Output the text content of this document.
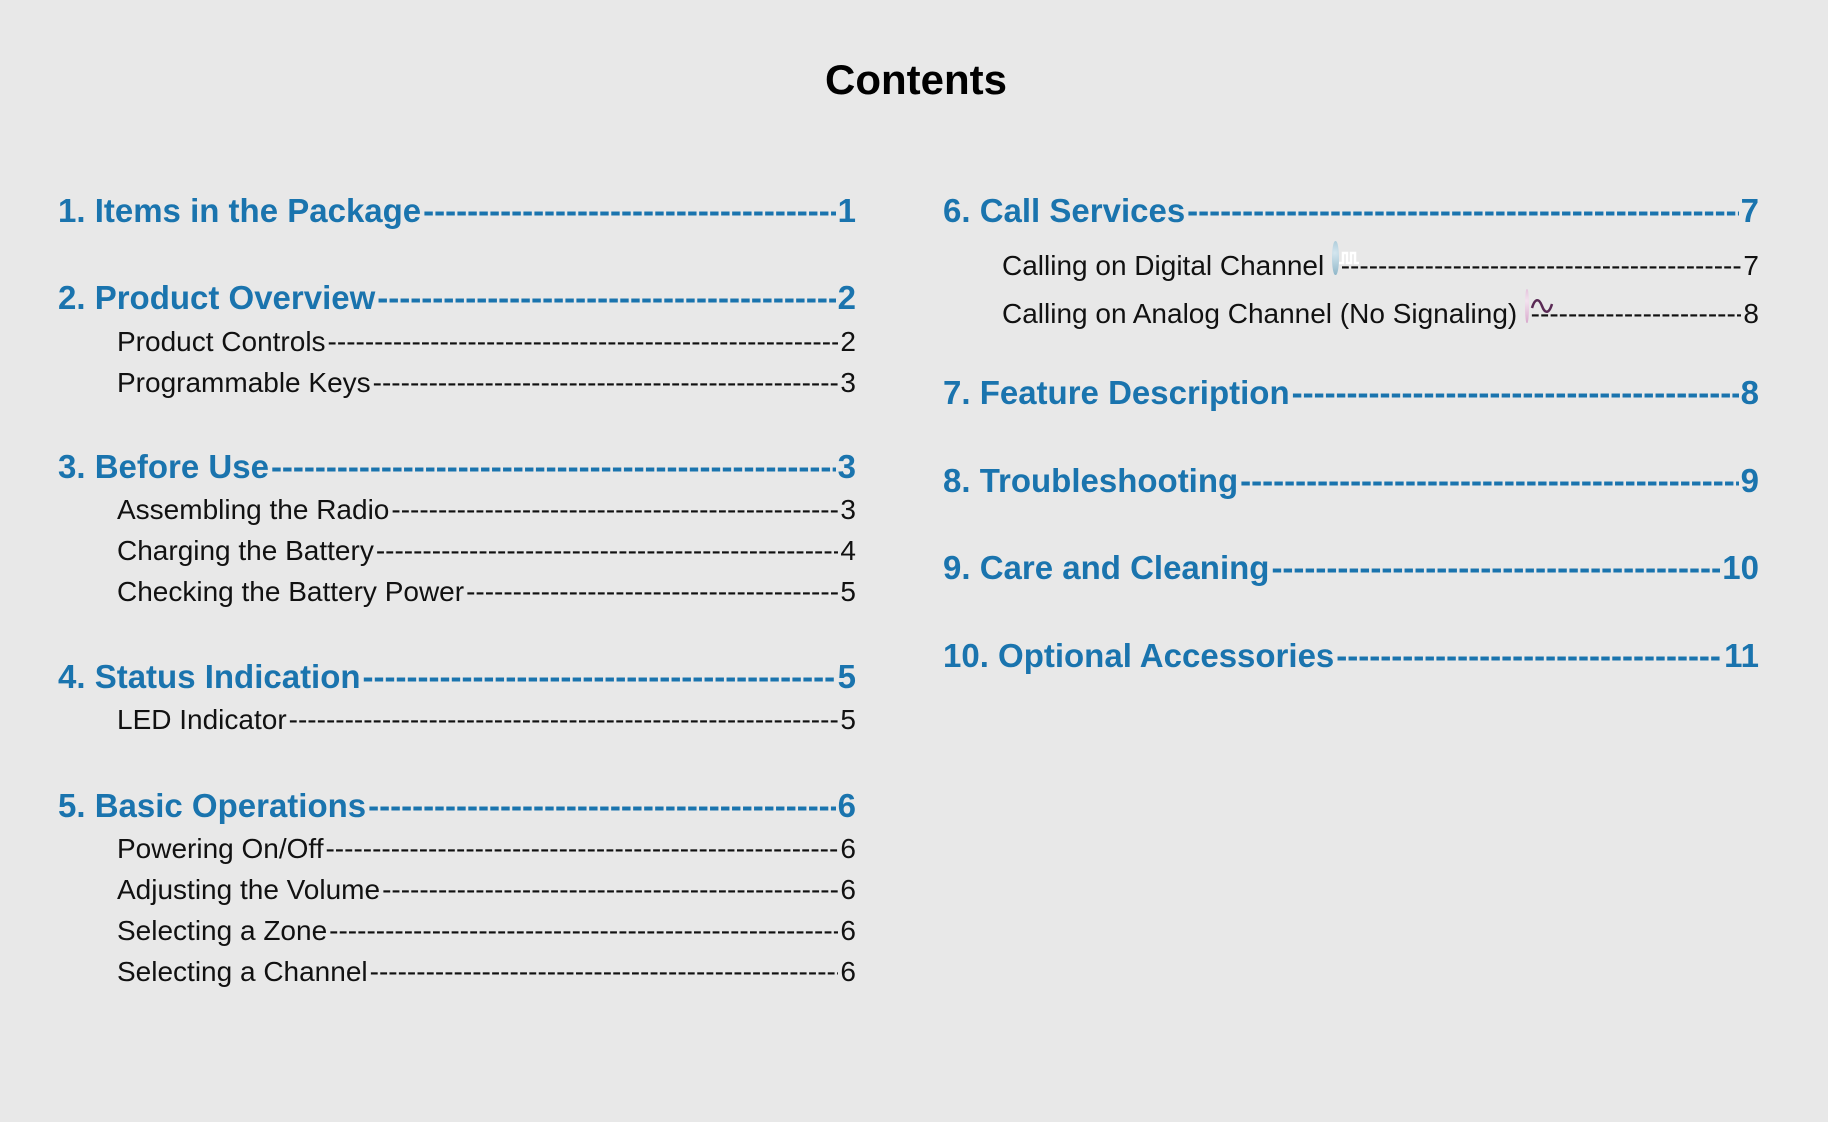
Contents
1. Items in the Package -----	1
2. Product Overview -----	2
Product Controls -----	2
Programmable Keys -----	3
3. Before Use -----	3
Assembling the Radio -----	3
Charging the Battery -----	4
Checking the Battery Power -----	5
4. Status Indication -----	5
LED Indicator -----	5
5. Basic Operations -----	6
Powering On/Off -----	6
Adjusting the Volume -----	6
Selecting a Zone -----	6
Selecting a Channel -----	6
6. Call Services -----	7
Calling on Digital Channel -----	7
Calling on Analog Channel (No Signaling) -----	8
7. Feature Description -----	8
8. Troubleshooting -----	9
9. Care and Cleaning -----	10
10. Optional Accessories -----	11
